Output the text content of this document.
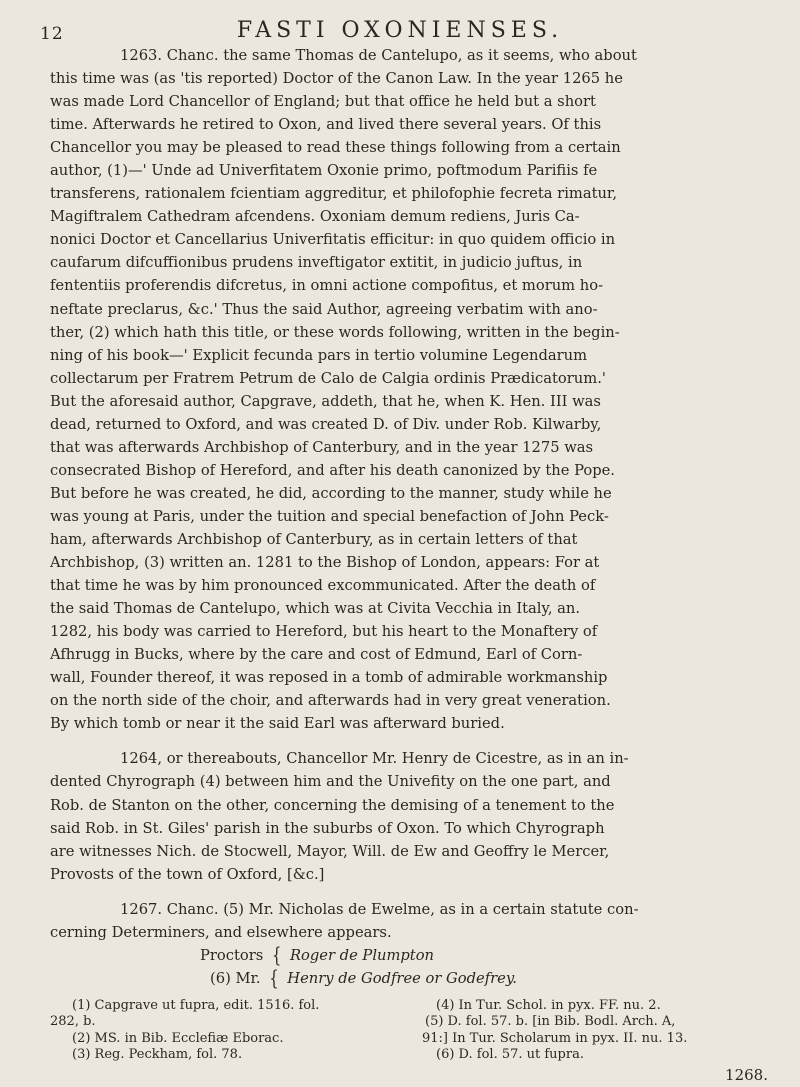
12	FASTI OXONIENSES.
1263. Chanc. the same Thomas de Cantelupo, as it seems, who about
this time was (as 'tis reported) Doctor of the Canon Law. In the year 1265 he
was made Lord Chancellor of England; but that office he held but a short
time. Afterwards he retired to Oxon, and lived there several years. Of this
Chancellor you may be pleased to read these things following from a certain
author, (1)—' Unde ad Univerfitatem Oxonie primo, poftmodum Parifiis fe
transferens, rationalem fcientiam aggreditur, et philofophie fecreta rimatur,
Magiftralem Cathedram afcendens. Oxoniam demum rediens, Juris Ca-
nonici Doctor et Cancellarius Univerfitatis efficitur: in quo quidem officio in
caufarum difcuffionibus prudens inveftigator extitit, in judicio juftus, in
fententiis proferendis difcretus, in omni actione compofitus, et morum ho-
neftate preclarus, &c.' Thus the said Author, agreeing verbatim with ano-
ther, (2) which hath this title, or these words following, written in the begin-
ning of his book—' Explicit fecunda pars in tertio volumine Legendarum
collectarum per Fratrem Petrum de Calo de Calgia ordinis Prædicatorum.'
But the aforesaid author, Capgrave, addeth, that he, when K. Hen. III was
dead, returned to Oxford, and was created D. of Div. under Rob. Kilwarby,
that was afterwards Archbishop of Canterbury, and in the year 1275 was
consecrated Bishop of Hereford, and after his death canonized by the Pope.
But before he was created, he did, according to the manner, study while he
was young at Paris, under the tuition and special benefaction of John Peck-
ham, afterwards Archbishop of Canterbury, as in certain letters of that
Archbishop, (3) written an. 1281 to the Bishop of London, appears: For at
that time he was by him pronounced excommunicated. After the death of
the said Thomas de Cantelupo, which was at Civita Vecchia in Italy, an.
1282, his body was carried to Hereford, but his heart to the Monaftery of
Afhrugg in Bucks, where by the care and cost of Edmund, Earl of Corn-
wall, Founder thereof, it was reposed in a tomb of admirable workmanship
on the north side of the choir, and afterwards had in very great veneration.
By which tomb or near it the said Earl was afterward buried.
1264, or thereabouts, Chancellor Mr. Henry de Cicestre, as in an in-
dented Chyrograph (4) between him and the Univefity on the one part, and
Rob. de Stanton on the other, concerning the demising of a tenement to the
said Rob. in St. Giles' parish in the suburbs of Oxon. To which Chyrograph
are witnesses Nich. de Stocwell, Mayor, Will. de Ew and Geoffry le Mercer,
Provosts of the town of Oxford, [&c.]
1267. Chanc. (5) Mr. Nicholas de Ewelme, as in a certain statute con-
cerning Determiners, and elsewhere appears.
Proctors { Roger de Plumpton
(6) Mr. { Henry de Godfree or Godefrey.
(1) Capgrave ut fupra, edit. 1516. fol.	(4) In Tur. Schol. in pyx. FF. nu. 2.
282, b.	(5) D. fol. 57. b. [in Bib. Bodl. Arch. A,
(2) MS. in Bib. Ecclefiæ Eborac.	91:] In Tur. Scholarum in pyx. II. nu. 13.
(3) Reg. Peckham, fol. 78.	(6) D. fol. 57. ut fupra.
1268.
